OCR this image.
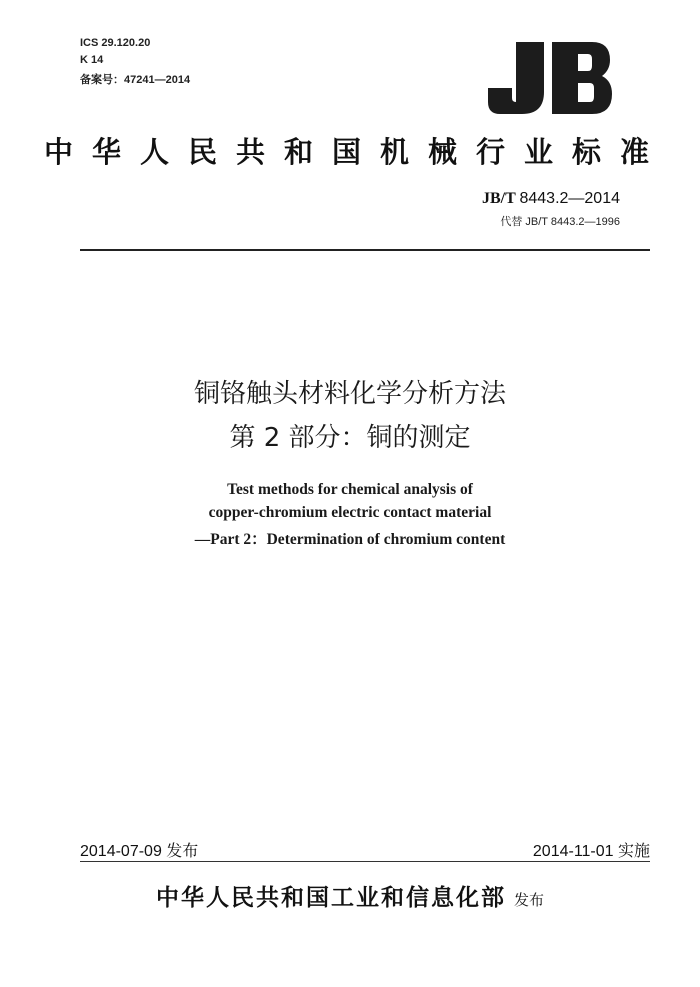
ICS 29.120.20
K 14
备案号：47241—2014
中华人民共和国机械行业标准
JB/T 8443.2—2014
代替 JB/T 8443.2—1996
铜铬触头材料化学分析方法
第 2 部分：铜的测定
Test methods for chemical analysis of
copper-chromium electric contact material
—Part 2：Determination of chromium content
2014-07-09 发布	2014-11-01 实施
中华人民共和国工业和信息化部 发布
